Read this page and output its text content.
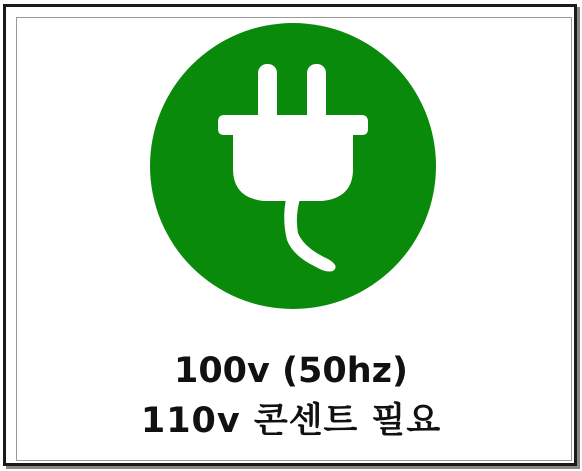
100v (50hz)
110v 콘센트 필요
